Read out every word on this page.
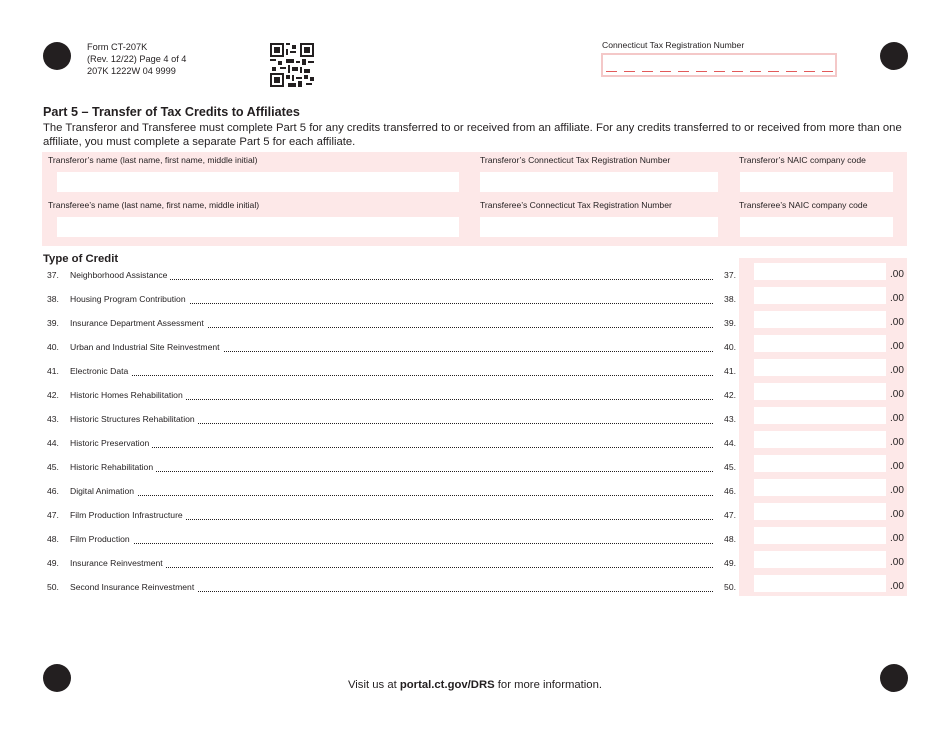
Form CT-207K
(Rev. 12/22) Page 4 of 4
207K 1222W 04 9999
Connecticut Tax Registration Number
Part 5 – Transfer of Tax Credits to Affiliates
The Transferor and Transferee must complete Part 5 for any credits transferred to or received from an affiliate. For any credits transferred to or received from more than one affiliate, you must complete a separate Part 5 for each affiliate.
Transferor’s name (last name, first name, middle initial)	Transferor’s Connecticut Tax Registration Number	Transferor’s NAIC company code
Transferee’s name (last name, first name, middle initial)	Transferee’s Connecticut Tax Registration Number	Transferee’s NAIC company code
Type of Credit
37. Neighborhood Assistance	37.	.00
38. Housing Program Contribution	38.	.00
39. Insurance Department Assessment	39.	.00
40. Urban and Industrial Site Reinvestment	40.	.00
41. Electronic Data	41.	.00
42. Historic Homes Rehabilitation	42.	.00
43. Historic Structures Rehabilitation	43.	.00
44. Historic Preservation	44.	.00
45. Historic Rehabilitation	45.	.00
46. Digital Animation	46.	.00
47. Film Production Infrastructure	47.	.00
48. Film Production	48.	.00
49. Insurance Reinvestment	49.	.00
50. Second Insurance Reinvestment	50.	.00
Visit us at portal.ct.gov/DRS for more information.
